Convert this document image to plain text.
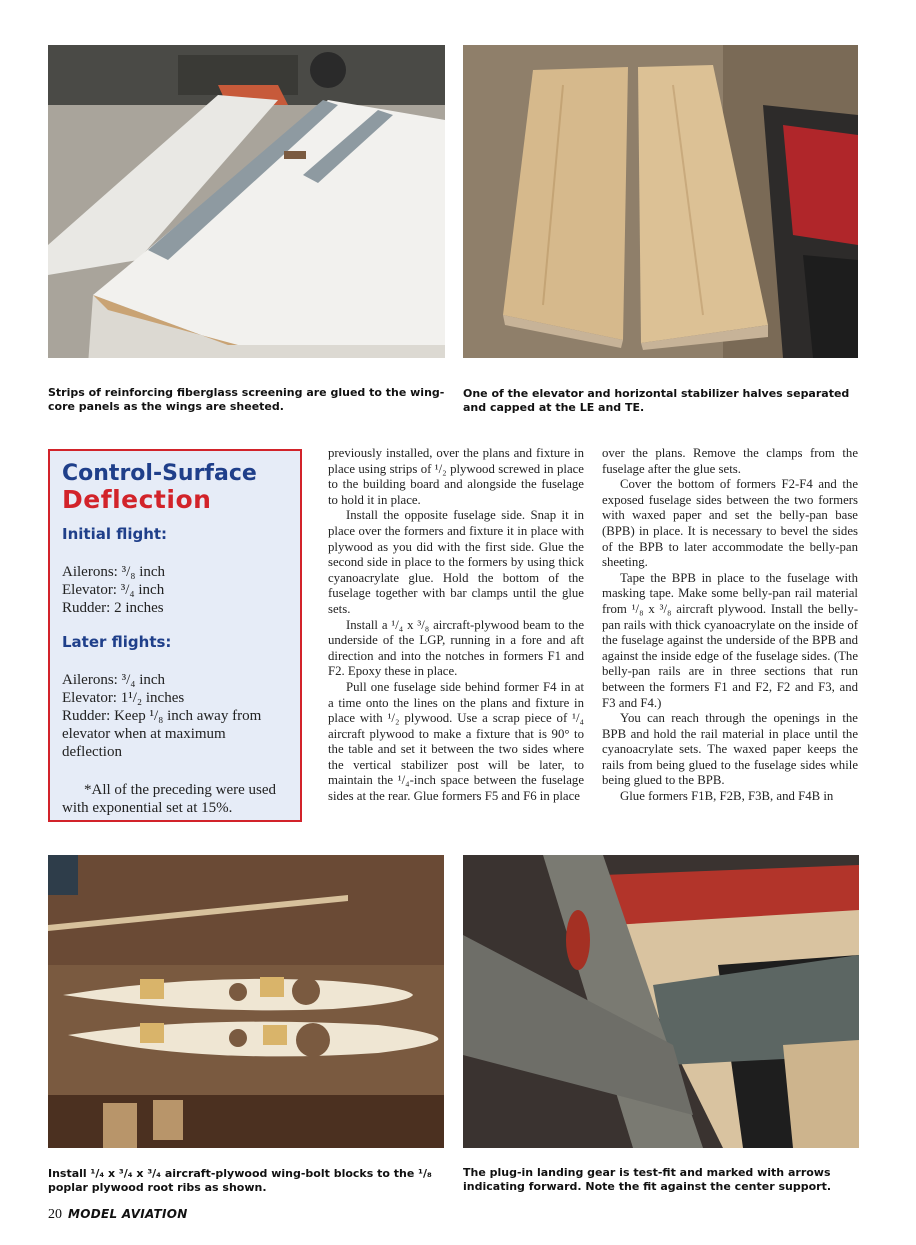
Strips of reinforcing fiberglass screening are glued to the wing-core panels as the wings are sheeted.
One of the elevator and horizontal stabilizer halves separated and capped at the LE and TE.
Control-Surface
Deflection
Initial flight:
Ailerons: ³/₈ inch
Elevator: ³/₄ inch
Rudder: 2 inches
Later flights:
Ailerons: ³/₄ inch
Elevator: 1¹/₂ inches
Rudder: Keep ¹/₈ inch away from elevator when at maximum deflection
*All of the preceding were used with exponential set at 15%.

previously installed, over the plans and fixture in place using strips of ¹/₂ plywood screwed in place to the building board and alongside the fuselage to hold it in place.

Install the opposite fuselage side. Snap it in place over the formers and fixture it in place with plywood as you did with the first side. Glue the second side in place to the formers by using thick cyanoacrylate glue. Hold the bottom of the fuselage together with bar clamps until the glue sets.

Install a ¹/₄ x ³/₈ aircraft-plywood beam to the underside of the LGP, running in a fore and aft direction and into the notches in formers F1 and F2. Epoxy these in place.

Pull one fuselage side behind former F4 in at a time onto the lines on the plans and fixture in place with ¹/₂ plywood. Use a scrap piece of ¹/₄ aircraft plywood to make a fixture that is 90° to the table and set it between the two sides where the vertical stabilizer post will be later, to maintain the ¹/₄-inch space between the fuselage sides at the rear. Glue formers F5 and F6 in place

over the plans. Remove the clamps from the fuselage after the glue sets.

Cover the bottom of formers F2-F4 and the exposed fuselage sides between the two formers with waxed paper and set the belly-pan base (BPB) in place. It is necessary to bevel the sides of the BPB to later accommodate the belly-pan sheeting.

Tape the BPB in place to the fuselage with masking tape. Make some belly-pan rail material from ¹/₈ x ³/₈ aircraft plywood. Install the belly-pan rails with thick cyanoacrylate on the inside of the fuselage against the underside of the BPB and against the inside edge of the fuselage sides. (The belly-pan rails are in three sections that run between the formers F1 and F2, F2 and F3, and F3 and F4.)

You can reach through the openings in the BPB and hold the rail material in place until the cyanoacrylate sets. The waxed paper keeps the rails from being glued to the fuselage sides while being glued to the BPB.

Glue formers F1B, F2B, F3B, and F4B in

Install ¹/₄ x ³/₄ x ³/₄ aircraft-plywood wing-bolt blocks to the ¹/₈ poplar plywood root ribs as shown.
The plug-in landing gear is test-fit and marked with arrows indicating forward. Note the fit against the center support.
20 MODEL AVIATION
